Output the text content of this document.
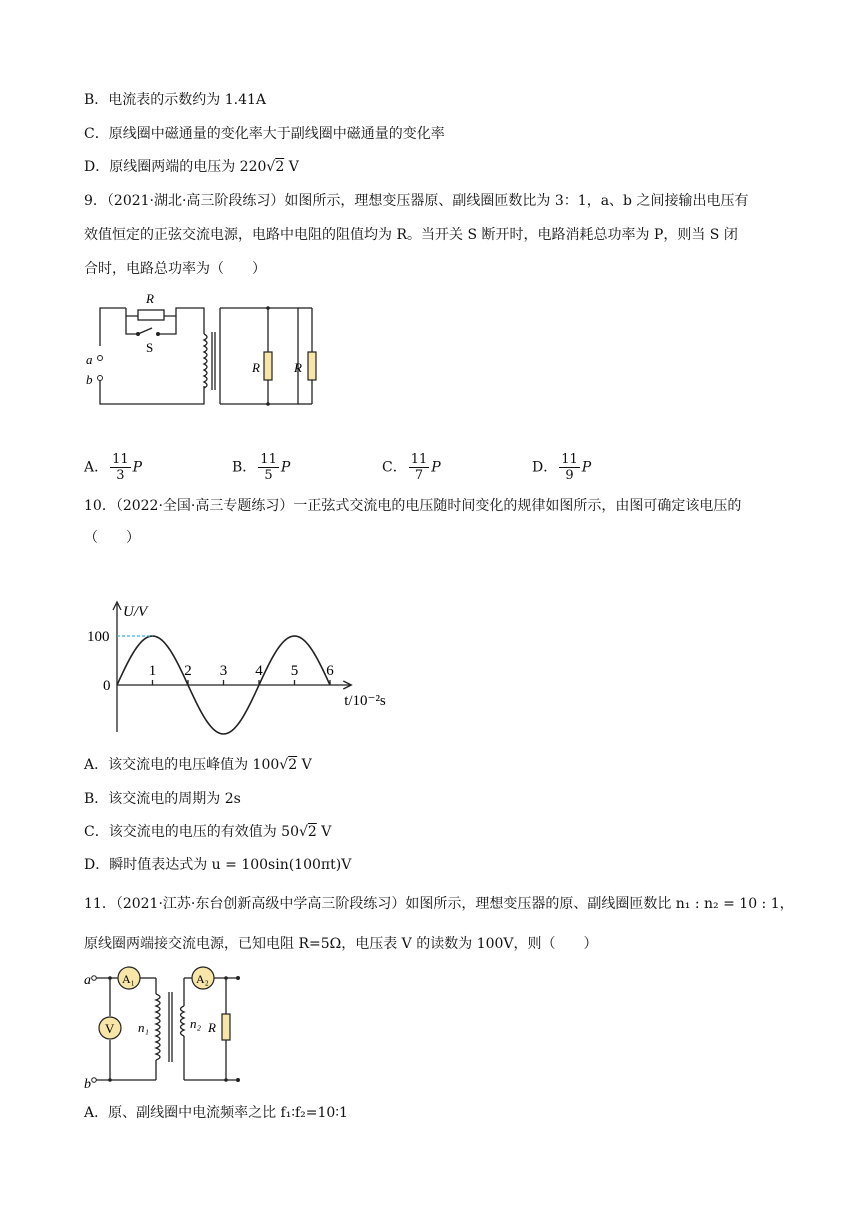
B．电流表的示数约为 1.41A
C．原线圈中磁通量的变化率大于副线圈中磁通量的变化率
D．原线圈两端的电压为 220√2 V
9．（2021·湖北·高三阶段练习）如图所示，理想变压器原、副线圈匝数比为 3：1，a、b 之间接输出电压有
效值恒定的正弦交流电源，电路中电阻的阻值均为 R。当开关 S 断开时，电路消耗总功率为 P，则当 S 闭
合时，电路总功率为（　　）
R
S
a
b
R	R
A． $\frac{11}{3}$ P	B． $\frac{11}{5}$ P	C． $\frac{11}{7}$ P	D． $\frac{11}{9}$ P
10．（2022·全国·高三专题练习）一正弦式交流电的电压随时间变化的规律如图所示，由图可确定该电压的
（　　）
0
1 2 3 4 5 6
100
U/V
t/10⁻²s
A．该交流电的电压峰值为 100√2 V
B．该交流电的周期为 2s
C．该交流电的电压的有效值为 50√2 V
D．瞬时值表达式为 u = 100sin(100πt)V
11．（2021·江苏·东台创新高级中学高三阶段练习）如图所示，理想变压器的原、副线圈匝数比 n₁ : n₂ = 10 : 1，
原线圈两端接交流电源，已知电阻 R=5Ω，电压表 V 的读数为 100V，则（　　）
a
b
A₁	A₂
V n₁	n₂ R
A．原、副线圈中电流频率之比 f₁∶f₂=10∶1
